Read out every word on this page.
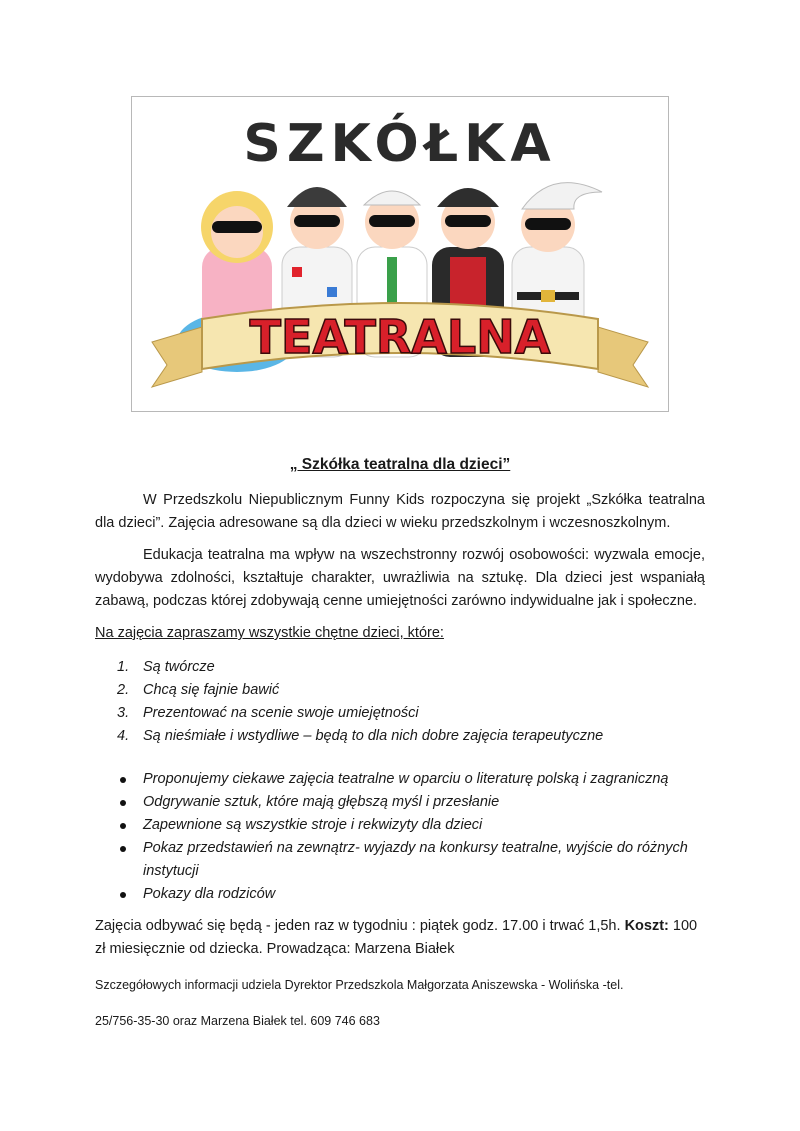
SZKÓŁKA
TEATRALNA
„ Szkółka teatralna dla dzieci”

W Przedszkolu Niepublicznym Funny Kids rozpoczyna się projekt „Szkółka teatralna dla dzieci”. Zajęcia adresowane są dla dzieci w wieku przedszkolnym i wczesnoszkolnym.

Edukacja teatralna ma wpływ na wszechstronny rozwój osobowości: wyzwala emocje, wydobywa zdolności, kształtuje charakter, uwrażliwia na sztukę. Dla dzieci jest wspaniałą zabawą, podczas której zdobywają cenne umiejętności zarówno indywidualne jak i społeczne.

Na zajęcia zapraszamy wszystkie chętne dzieci, które:
1. Są twórcze
2. Chcą się fajnie bawić
3. Prezentować na scenie swoje umiejętności
4. Są nieśmiałe i wstydliwe – będą to dla nich dobre zajęcia terapeutyczne
Proponujemy ciekawe zajęcia teatralne w oparciu o literaturę polską i zagraniczną
Odgrywanie sztuk, które mają głębszą myśl i przesłanie
Zapewnione są wszystkie stroje i rekwizyty dla dzieci
Pokaz przedstawień na zewnątrz- wyjazdy na konkursy teatralne, wyjście do różnych instytucji
Pokazy dla rodziców

Zajęcia odbywać się będą - jeden raz w tygodniu : piątek godz. 17.00 i trwać 1,5h. Koszt: 100 zł miesięcznie od dziecka. Prowadząca: Marzena Białek

Szczegółowych informacji udziela Dyrektor Przedszkola Małgorzata Aniszewska - Wolińska -tel.

25/756-35-30 oraz Marzena Białek tel. 609 746 683
